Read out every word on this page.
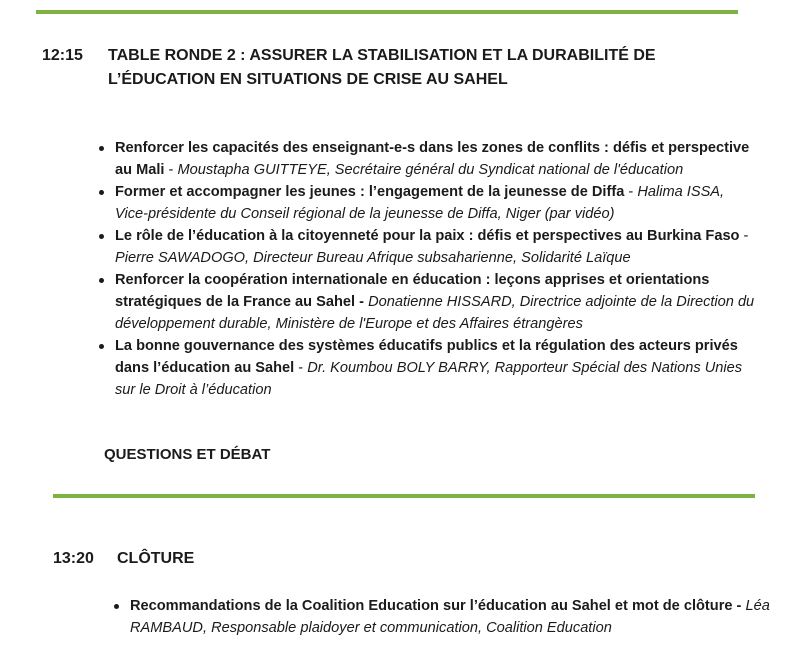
12:15 TABLE RONDE 2 : ASSURER LA STABILISATION ET LA DURABILITÉ DE L’ÉDUCATION EN SITUATIONS DE CRISE AU SAHEL
Renforcer les capacités des enseignant-e-s dans les zones de conflits : défis et perspective au Mali - Moustapha GUITTEYE, Secrétaire général du Syndicat national de l'éducation
Former et accompagner les jeunes : l’engagement de la jeunesse de Diffa - Halima ISSA, Vice-présidente du Conseil régional de la jeunesse de Diffa, Niger (par vidéo)
Le rôle de l’éducation à la citoyenneté pour la paix : défis et perspectives au Burkina Faso - Pierre SAWADOGO, Directeur Bureau Afrique subsaharienne, Solidarité Laïque
Renforcer la coopération internationale en éducation : leçons apprises et orientations stratégiques de la France au Sahel - Donatienne HISSARD, Directrice adjointe de la Direction du développement durable, Ministère de l'Europe et des Affaires étrangères
La bonne gouvernance des systèmes éducatifs publics et la régulation des acteurs privés dans l’éducation au Sahel - Dr. Koumbou BOLY BARRY, Rapporteur Spécial des Nations Unies sur le Droit à l’éducation
QUESTIONS ET DÉBAT
13:20 CLÔTURE
Recommandations de la Coalition Education sur l’éducation au Sahel et mot de clôture - Léa RAMBAUD, Responsable plaidoyer et communication, Coalition Education
